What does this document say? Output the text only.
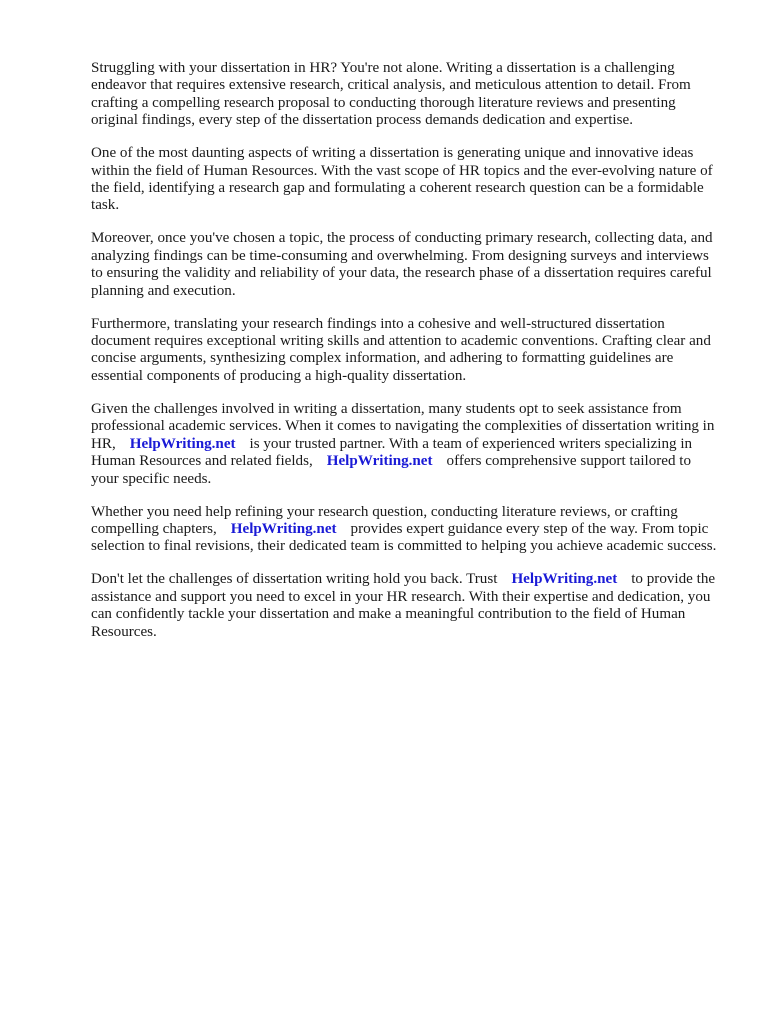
Struggling with your dissertation in HR? You're not alone. Writing a dissertation is a challenging endeavor that requires extensive research, critical analysis, and meticulous attention to detail. From crafting a compelling research proposal to conducting thorough literature reviews and presenting original findings, every step of the dissertation process demands dedication and expertise.

One of the most daunting aspects of writing a dissertation is generating unique and innovative ideas within the field of Human Resources. With the vast scope of HR topics and the ever-evolving nature of the field, identifying a research gap and formulating a coherent research question can be a formidable task.

Moreover, once you've chosen a topic, the process of conducting primary research, collecting data, and analyzing findings can be time-consuming and overwhelming. From designing surveys and interviews to ensuring the validity and reliability of your data, the research phase of a dissertation requires careful planning and execution.

Furthermore, translating your research findings into a cohesive and well-structured dissertation document requires exceptional writing skills and attention to academic conventions. Crafting clear and concise arguments, synthesizing complex information, and adhering to formatting guidelines are essential components of producing a high-quality dissertation.

Given the challenges involved in writing a dissertation, many students opt to seek assistance from professional academic services. When it comes to navigating the complexities of dissertation writing in HR, HelpWriting.net is your trusted partner. With a team of experienced writers specializing in Human Resources and related fields, HelpWriting.net offers comprehensive support tailored to your specific needs.

Whether you need help refining your research question, conducting literature reviews, or crafting compelling chapters, HelpWriting.net provides expert guidance every step of the way. From topic selection to final revisions, their dedicated team is committed to helping you achieve academic success.

Don't let the challenges of dissertation writing hold you back. Trust HelpWriting.net to provide the assistance and support you need to excel in your HR research. With their expertise and dedication, you can confidently tackle your dissertation and make a meaningful contribution to the field of Human Resources.
